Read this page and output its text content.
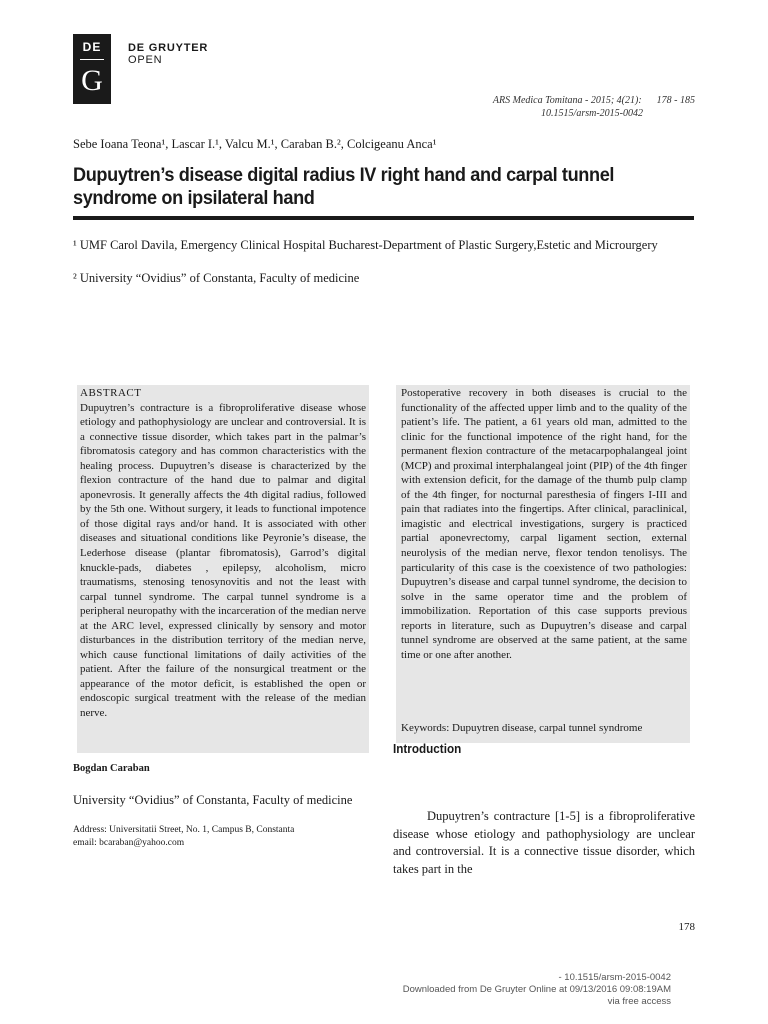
DE
G
DE GRUYTER
OPEN
ARS Medica Tomitana - 2015; 4(21):      178 - 185
10.1515/arsm-2015-0042
Sebe Ioana Teona¹, Lascar I.¹, Valcu M.¹, Caraban B.², Colcigeanu Anca¹
Dupuytren’s disease digital radius IV right hand and carpal tunnel syndrome on ipsilateral hand
¹ UMF Carol Davila, Emergency Clinical Hospital Bucharest-Department of Plastic Surgery,Estetic and Microurgery
² University “Ovidius” of Constanta, Faculty of medicine
ABSTRACT
Dupuytren’s contracture is a fibroproliferative disease whose etiology and pathophysiology are unclear and controversial. It is a connective tissue disorder, which takes part in the palmar’s fibromatosis category and has common characteristics with the healing process. Dupuytren’s disease is characterized by the flexion contracture of the hand due to palmar and digital aponevrosis. It generally affects the 4th digital radius, followed by the 5th one. Without surgery, it leads to functional impotence of those digital rays and/or hand. It is associated with other diseases and situational conditions like Peyronie’s disease, the Lederhose disease (plantar fibromatosis), Garrod’s digital knuckle-pads, diabetes , epilepsy, alcoholism, micro traumatisms, stenosing tenosynovitis and not the least with carpal tunnel syndrome. The carpal tunnel syndrome is a peripheral neuropathy with the incarceration of the median nerve at the ARC level, expressed clinically by sensory and motor disturbances in the distribution territory of the median nerve, which cause functional limitations of daily activities of the patient. After the failure of the nonsurgical treatment or the appearance of the motor deficit, is established the open or endoscopic surgical treatment with the release of the median nerve.
Postoperative recovery in both diseases is crucial to the functionality of the affected upper limb and to the quality of the patient’s life. The patient, a 61 years old man, admitted to the clinic for the functional impotence of the right hand, for the permanent flexion contracture of the metacarpophalangeal joint (MCP) and proximal interphalangeal joint (PIP) of the 4th finger with extension deficit, for the damage of the thumb pulp clamp of the 4th finger, for nocturnal paresthesia of fingers I-III and pain that radiates into the fingertips. After clinical, paraclinical, imagistic and electrical investigations, surgery is practiced partial aponevrectomy, carpal ligament section, external neurolysis of the median nerve, flexor tendon tenolisys. The particularity of this case is the coexistence of two pathologies: Dupuytren’s disease and carpal tunnel syndrome, the decision to solve in the same operator time and the problem of immobilization. Reportation of this case supports previous reports in literature, such as Dupuytren’s disease and carpal tunnel syndrome are observed at the same patient, at the same time or one after another.
Keywords: Dupuytren disease, carpal tunnel syndrome
Introduction
Bogdan Caraban
University “Ovidius” of Constanta, Faculty of medicine
Address: Universitatii Street, No. 1, Campus B, Constanta
email: bcaraban@yahoo.com
Dupuytren’s contracture [1-5] is a fibroproliferative disease whose etiology and pathophysiology are unclear and controversial. It is a connective tissue disorder, which takes part in the
178
- 10.1515/arsm-2015-0042
Downloaded from De Gruyter Online at 09/13/2016 09:08:19AM
via free access
